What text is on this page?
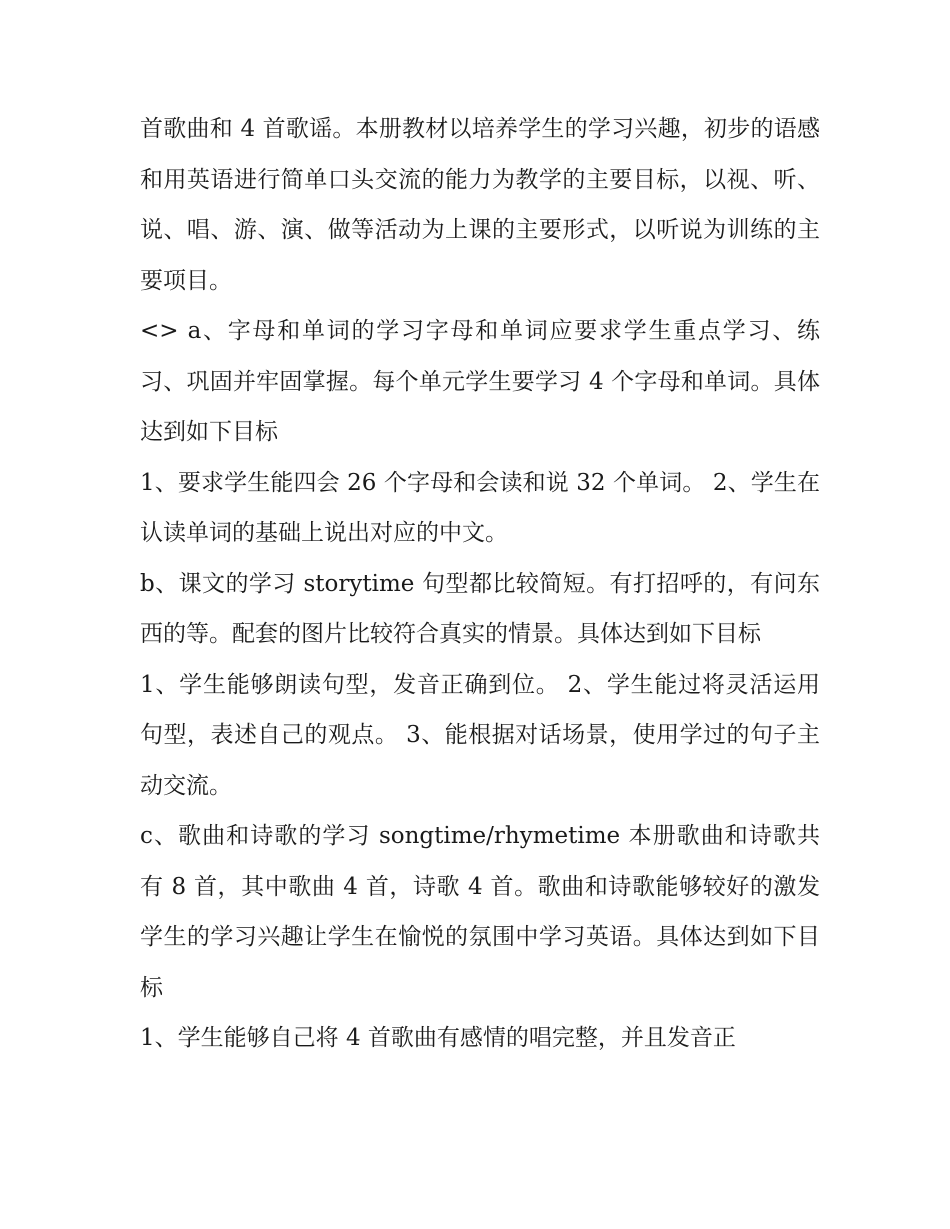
首歌曲和 4 首歌谣。本册教材以培养学生的学习兴趣，初步的语感和用英语进行简单口头交流的能力为教学的主要目标，以视、听、说、唱、游、演、做等活动为上课的主要形式，以听说为训练的主要项目。

<> a、字母和单词的学习字母和单词应要求学生重点学习、练习、巩固并牢固掌握。每个单元学生要学习 4 个字母和单词。具体达到如下目标

1、要求学生能四会 26 个字母和会读和说 32 个单词。 2、学生在认读单词的基础上说出对应的中文。

b、课文的学习 storytime 句型都比较简短。有打招呼的，有问东西的等。配套的图片比较符合真实的情景。具体达到如下目标

1、学生能够朗读句型，发音正确到位。 2、学生能过将灵活运用句型，表述自己的观点。 3、能根据对话场景，使用学过的句子主动交流。

c、歌曲和诗歌的学习 songtime/rhymetime 本册歌曲和诗歌共有 8 首，其中歌曲 4 首，诗歌 4 首。歌曲和诗歌能够较好的激发学生的学习兴趣让学生在愉悦的氛围中学习英语。具体达到如下目标

1、学生能够自己将 4 首歌曲有感情的唱完整，并且发音正
